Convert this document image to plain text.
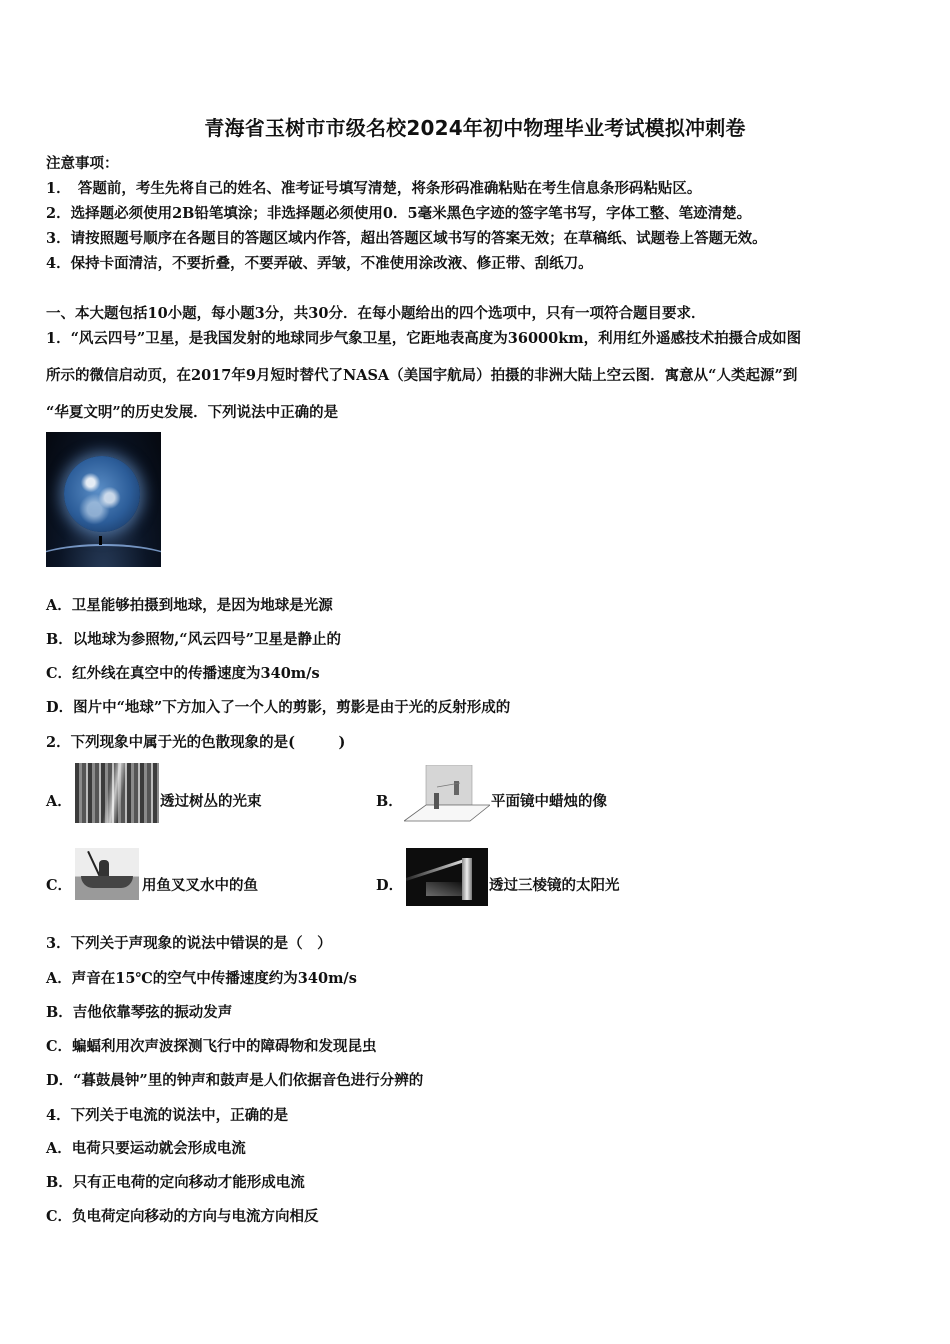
青海省玉树市市级名校2024年初中物理毕业考试模拟冲刺卷
注意事项：
1．　答题前，考生先将自己的姓名、准考证号填写清楚，将条形码准确粘贴在考生信息条形码粘贴区。
2．选择题必须使用2B铅笔填涂；非选择题必须使用0．5毫米黑色字迹的签字笔书写，字体工整、笔迹清楚。
3．请按照题号顺序在各题目的答题区域内作答，超出答题区域书写的答案无效；在草稿纸、试题卷上答题无效。
4．保持卡面清洁，不要折叠，不要弄破、弄皱，不准使用涂改液、修正带、刮纸刀。
一、本大题包括10小题，每小题3分，共30分．在每小题给出的四个选项中，只有一项符合题目要求．
1．“风云四号”卫星，是我国发射的地球同步气象卫星，它距地表高度为36000km，利用红外遥感技术拍摄合成如图
所示的微信启动页，在2017年9月短时替代了NASA（美国宇航局）拍摄的非洲大陆上空云图．寓意从“人类起源”到
“华夏文明”的历史发展．下列说法中正确的是
A．卫星能够拍摄到地球，是因为地球是光源
B．以地球为参照物,“风云四号”卫星是静止的
C．红外线在真空中的传播速度为340m/s
D．图片中“地球”下方加入了一个人的剪影，剪影是由于光的反射形成的
2．下列现象中属于光的色散现象的是(　　　)
A．	透过树丛的光束	B．	平面镜中蜡烛的像
C．	用鱼叉叉水中的鱼	D．	透过三棱镜的太阳光
3．下列关于声现象的说法中错误的是（　）
A．声音在15℃的空气中传播速度约为340m/s
B．吉他依靠琴弦的振动发声
C．蝙蝠利用次声波探测飞行中的障碍物和发现昆虫
D．“暮鼓晨钟”里的钟声和鼓声是人们依据音色进行分辨的
4．下列关于电流的说法中，正确的是
A．电荷只要运动就会形成电流
B．只有正电荷的定向移动才能形成电流
C．负电荷定向移动的方向与电流方向相反
